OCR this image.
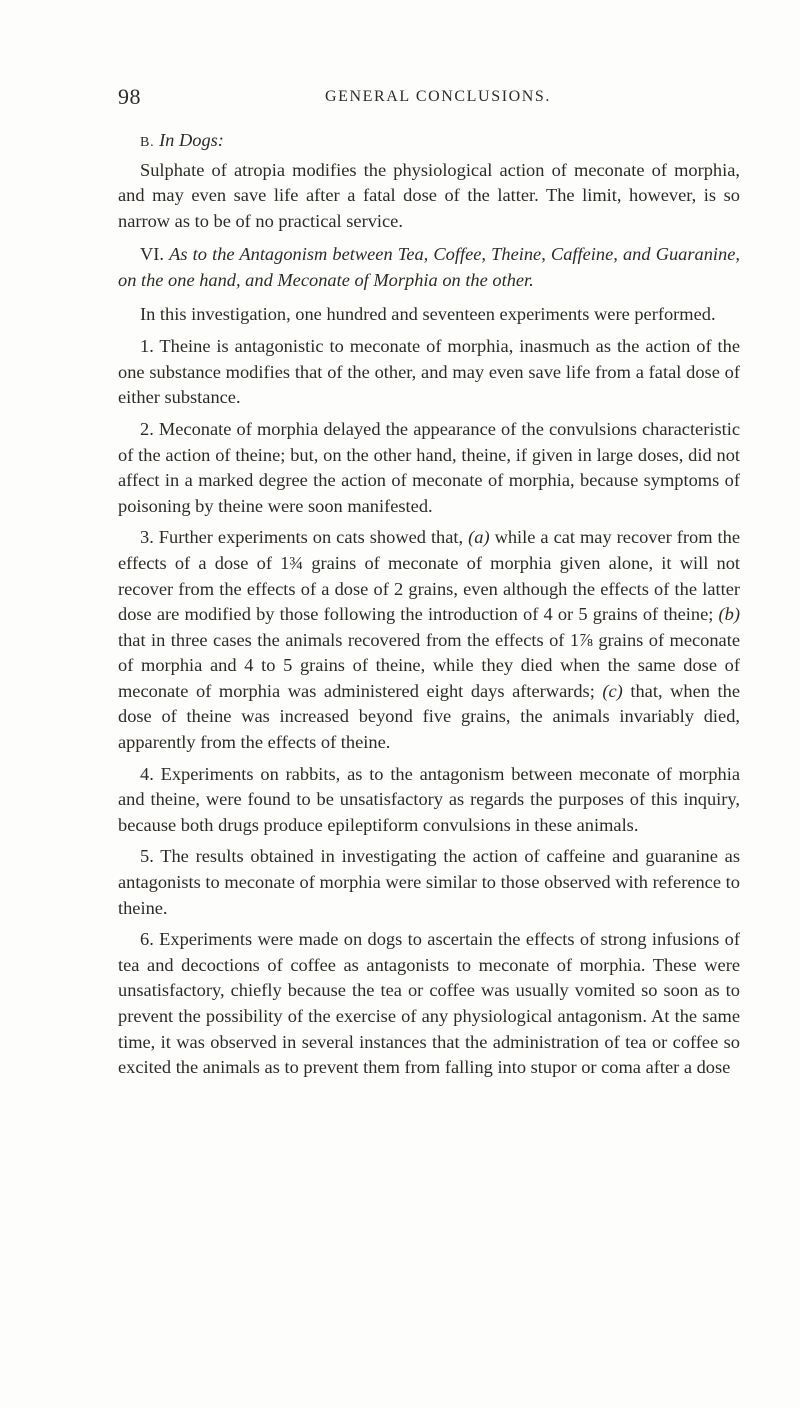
98	GENERAL CONCLUSIONS.

B. In Dogs:

Sulphate of atropia modifies the physiological action of meconate of morphia, and may even save life after a fatal dose of the latter. The limit, however, is so narrow as to be of no practical service.

VI. As to the Antagonism between Tea, Coffee, Theine, Caffeine, and Guaranine, on the one hand, and Meconate of Morphia on the other.

In this investigation, one hundred and seventeen experiments were performed.

1. Theine is antagonistic to meconate of morphia, inasmuch as the action of the one substance modifies that of the other, and may even save life from a fatal dose of either substance.

2. Meconate of morphia delayed the appearance of the convulsions characteristic of the action of theine; but, on the other hand, theine, if given in large doses, did not affect in a marked degree the action of meconate of morphia, because symptoms of poisoning by theine were soon manifested.

3. Further experiments on cats showed that, (a) while a cat may recover from the effects of a dose of 1¾ grains of meconate of morphia given alone, it will not recover from the effects of a dose of 2 grains, even although the effects of the latter dose are modified by those following the introduction of 4 or 5 grains of theine; (b) that in three cases the animals recovered from the effects of 1⅞ grains of meconate of morphia and 4 to 5 grains of theine, while they died when the same dose of meconate of morphia was administered eight days afterwards; (c) that, when the dose of theine was increased beyond five grains, the animals invariably died, apparently from the effects of theine.

4. Experiments on rabbits, as to the antagonism between meconate of morphia and theine, were found to be unsatisfactory as regards the purposes of this inquiry, because both drugs produce epileptiform convulsions in these animals.

5. The results obtained in investigating the action of caffeine and guaranine as antagonists to meconate of morphia were similar to those observed with reference to theine.

6. Experiments were made on dogs to ascertain the effects of strong infusions of tea and decoctions of coffee as antagonists to meconate of morphia. These were unsatisfactory, chiefly because the tea or coffee was usually vomited so soon as to prevent the possibility of the exercise of any physiological antagonism. At the same time, it was observed in several instances that the administration of tea or coffee so excited the animals as to prevent them from falling into stupor or coma after a dose
